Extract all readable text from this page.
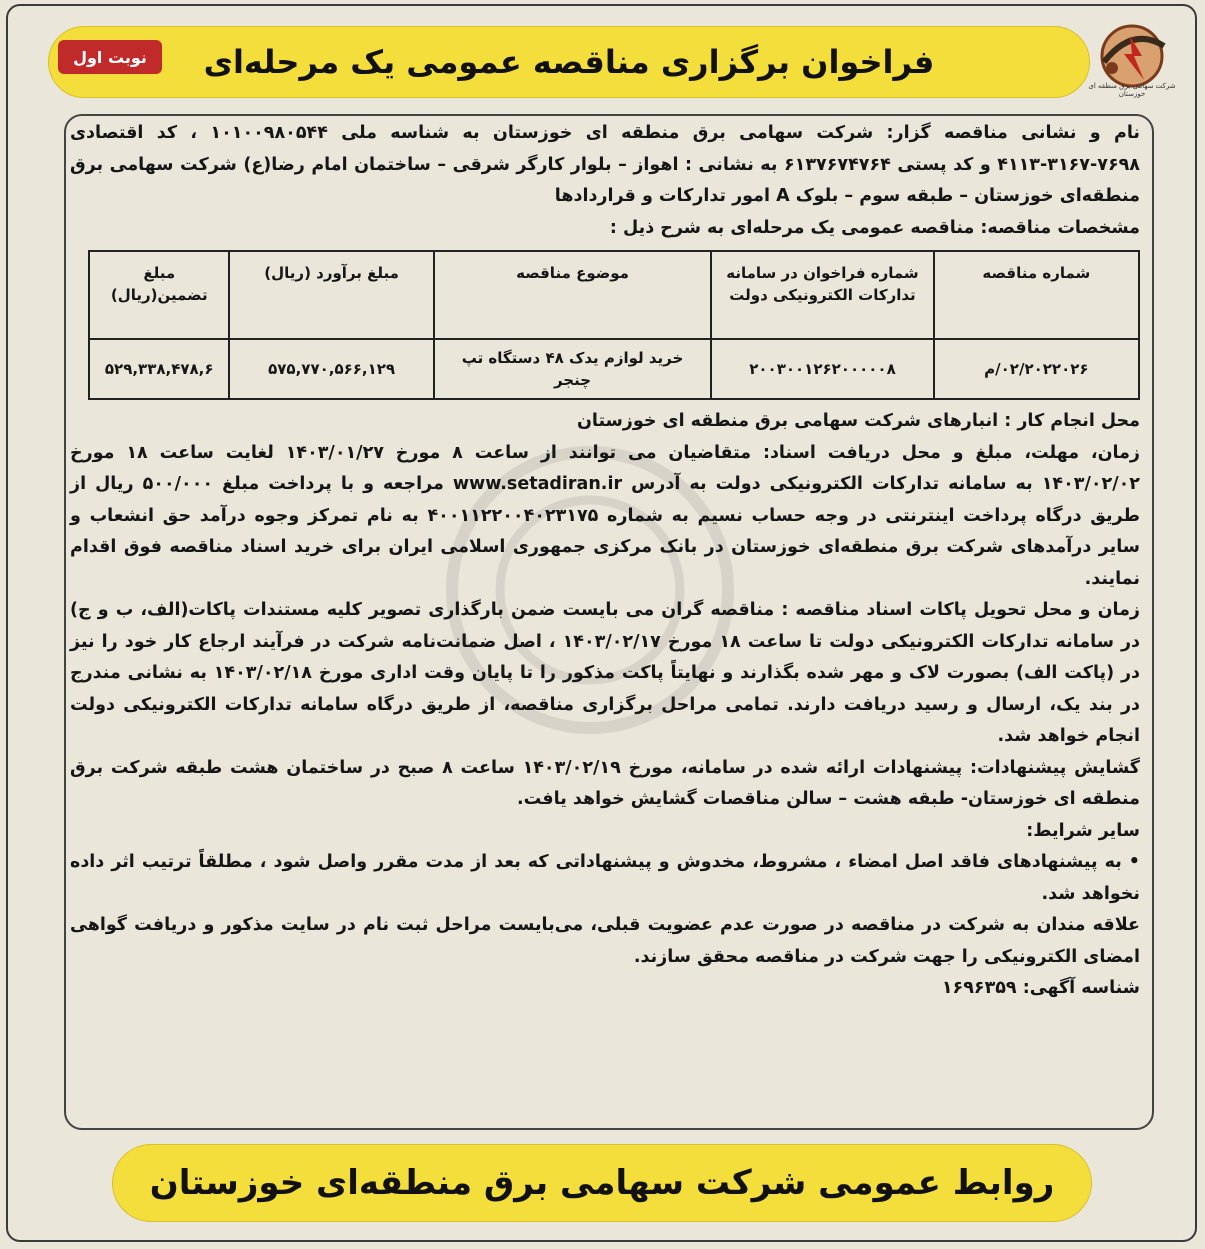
فراخوان برگزاری مناقصه عمومی یک مرحله‌ای
نوبت اول
شرکت سهامی برق منطقه ای خوزستان

نام و نشانی مناقصه گزار: شرکت سهامی برق منطقه ای خوزستان به شناسه ملی ۱۰۱۰۰۹۸۰۵۴۴ ، کد اقتصادی ۷۶۹۸-۳۱۶۷-۴۱۱۳ و کد پستی ۶۱۳۷۶۷۴۷۶۴ به نشانی : اهواز – بلوار کارگر شرقی – ساختمان امام رضا(ع) شرکت سهامی برق منطقه‌ای خوزستان – طبقه سوم – بلوک A امور تدارکات و قراردادها

مشخصات مناقصه: مناقصه عمومی یک مرحله‌ای به شرح ذیل :

شماره مناقصه	شماره فراخوان در سامانه تدارکات الکترونیکی دولت	موضوع مناقصه	مبلغ برآورد (ریال)	مبلغ تضمین(ریال)
۰۲/۲۰۲۲۰۲۶/م	۲۰۰۳۰۰۱۲۶۲۰۰۰۰۰۸	خرید لوازم یدک ۴۸ دستگاه تپ چنجر	۵۷۵,۷۷۰,۵۶۶,۱۲۹	۵۲۹,۳۳۸,۴۷۸,۶

محل انجام کار : انبارهای شرکت سهامی برق منطقه ای خوزستان

زمان، مهلت، مبلغ و محل دریافت اسناد: متقاضیان می توانند از ساعت ۸ مورخ ۱۴۰۳/۰۱/۲۷ لغایت ساعت ۱۸ مورخ ۱۴۰۳/۰۲/۰۲ به سامانه تدارکات الکترونیکی دولت به آدرس www.setadiran.ir مراجعه و با پرداخت مبلغ ۵۰۰/۰۰۰ ریال از طریق درگاه پرداخت اینترنتی در وجه حساب نسیم به شماره ۴۰۰۱۱۲۲۰۰۴۰۲۳۱۷۵ به نام تمرکز وجوه درآمد حق انشعاب و سایر درآمدهای شرکت برق منطقه‌ای خوزستان در بانک مرکزی جمهوری اسلامی ایران برای خرید اسناد مناقصه فوق اقدام نمایند.

زمان و محل تحویل پاکات اسناد مناقصه : مناقصه گران می بایست ضمن بارگذاری تصویر کلیه مستندات پاکات(الف، ب و ج) در سامانه تدارکات الکترونیکی دولت تا ساعت ۱۸ مورخ ۱۴۰۳/۰۲/۱۷ ، اصل ضمانت‌نامه شرکت در فرآیند ارجاع کار خود را نیز در (پاکت الف) بصورت لاک و مهر شده بگذارند و نهایتاً پاکت مذکور را تا پایان وقت اداری مورخ ۱۴۰۳/۰۲/۱۸ به نشانی مندرج در بند یک، ارسال و رسید دریافت دارند. تمامی مراحل برگزاری مناقصه، از طریق درگاه سامانه تدارکات الکترونیکی دولت انجام خواهد شد.

گشایش پیشنهادات: پیشنهادات ارائه شده در سامانه، مورخ ۱۴۰۳/۰۲/۱۹ ساعت ۸ صبح در ساختمان هشت طبقه شرکت برق منطقه ای خوزستان- طبقه هشت – سالن مناقصات گشایش خواهد یافت.

سایر شرایط:

• به پیشنهادهای فاقد اصل امضاء ، مشروط، مخدوش و پیشنهاداتی که بعد از مدت مقرر واصل شود ، مطلقاً ترتیب اثر داده نخواهد شد.

علاقه مندان به شرکت در مناقصه در صورت عدم عضویت قبلی، می‌بایست مراحل ثبت نام در سایت مذکور و دریافت گواهی امضای الکترونیکی را جهت شرکت در مناقصه محقق سازند.

شناسه آگهی: ۱۶۹۶۳۵۹

روابط عمومی شرکت سهامی برق منطقه‌ای خوزستان
